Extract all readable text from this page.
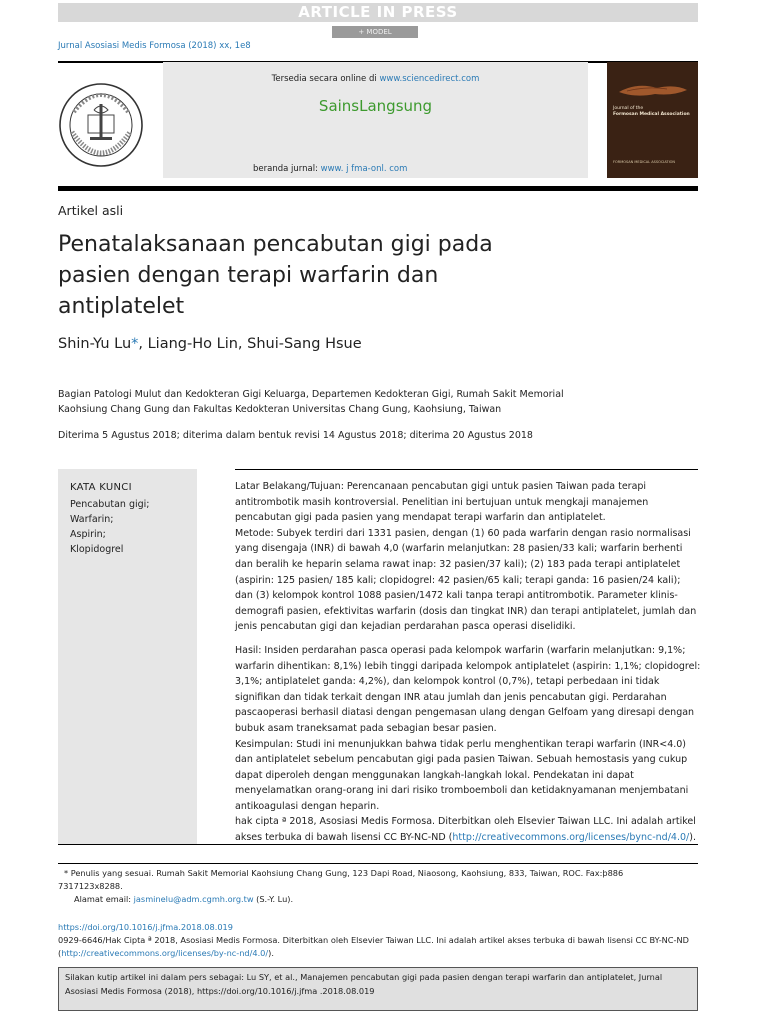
ARTICLE IN PRESS
+ MODEL
Jurnal Asosiasi Medis Formosa (2018) xx, 1e8
Tersedia secara online di www.sciencedirect.com
SainsLangsung
beranda jurnal: www. j fma-onl. com
Journal of the
Formosan Medical Association
FORMOSAN MEDICAL ASSOCIATION
Artikel asli
Penatalaksanaan pencabutan gigi pada
pasien dengan terapi warfarin dan
antiplatelet
Shin-Yu Lu*, Liang-Ho Lin, Shui-Sang Hsue
Bagian Patologi Mulut dan Kedokteran Gigi Keluarga, Departemen Kedokteran Gigi, Rumah Sakit Memorial
Kaohsiung Chang Gung dan Fakultas Kedokteran Universitas Chang Gung, Kaohsiung, Taiwan
Diterima 5 Agustus 2018; diterima dalam bentuk revisi 14 Agustus 2018; diterima 20 Agustus 2018
KATA KUNCI
Pencabutan gigi;
Warfarin;
Aspirin;
Klopidogrel

Latar Belakang/Tujuan: Perencanaan pencabutan gigi untuk pasien Taiwan pada terapi antitrombotik masih kontroversial. Penelitian ini bertujuan untuk mengkaji manajemen pencabutan gigi pada pasien yang mendapat terapi warfarin dan antiplatelet.

Metode: Subyek terdiri dari 1331 pasien, dengan (1) 60 pada warfarin dengan rasio normalisasi yang disengaja (INR) di bawah 4,0 (warfarin melanjutkan: 28 pasien/33 kali; warfarin berhenti dan beralih ke heparin selama rawat inap: 32 pasien/37 kali); (2) 183 pada terapi antiplatelet (aspirin: 125 pasien/ 185 kali; clopidogrel: 42 pasien/65 kali; terapi ganda: 16 pasien/24 kali); dan (3) kelompok kontrol 1088 pasien/1472 kali tanpa terapi antitrombotik. Parameter klinis-demografi pasien, efektivitas warfarin (dosis dan tingkat INR) dan terapi antiplatelet, jumlah dan jenis pencabutan gigi dan kejadian perdarahan pasca operasi diselidiki.

Hasil: Insiden perdarahan pasca operasi pada kelompok warfarin (warfarin melanjutkan: 9,1%; warfarin dihentikan: 8,1%) lebih tinggi daripada kelompok antiplatelet (aspirin: 1,1%; clopidogrel: 3,1%; antiplatelet ganda: 4,2%), dan kelompok kontrol (0,7%), tetapi perbedaan ini tidak signifikan dan tidak terkait dengan INR atau jumlah dan jenis pencabutan gigi. Perdarahan pascaoperasi berhasil diatasi dengan pengemasan ulang dengan Gelfoam yang diresapi dengan bubuk asam traneksamat pada sebagian besar pasien.

Kesimpulan: Studi ini menunjukkan bahwa tidak perlu menghentikan terapi warfarin (INR<4.0) dan antiplatelet sebelum pencabutan gigi pada pasien Taiwan. Sebuah hemostasis yang cukup dapat diperoleh dengan menggunakan langkah-langkah lokal. Pendekatan ini dapat menyelamatkan orang-orang ini dari risiko tromboemboli dan ketidaknyamanan menjembatani antikoagulasi dengan heparin.

hak cipta ª 2018, Asosiasi Medis Formosa. Diterbitkan oleh Elsevier Taiwan LLC. Ini adalah artikel akses terbuka di bawah lisensi CC BY-NC-ND (http://creativecommons.org/licenses/bync-nd/4.0/).

* Penulis yang sesuai. Rumah Sakit Memorial Kaohsiung Chang Gung, 123 Dapi Road, Niaosong, Kaohsiung, 833, Taiwan, ROC. Fax:þ886
7317123x8288.
Alamat email: jasminelu@adm.cgmh.org.tw (S.-Y. Lu).
https://doi.org/10.1016/j.jfma.2018.08.019
0929-6646/Hak Cipta ª 2018, Asosiasi Medis Formosa. Diterbitkan oleh Elsevier Taiwan LLC. Ini adalah artikel akses terbuka di bawah lisensi CC BY-NC-ND (http://creativecommons.org/licenses/by-nc-nd/4.0/).
Silakan kutip artikel ini dalam pers sebagai: Lu SY, et al., Manajemen pencabutan gigi pada pasien dengan terapi warfarin dan antiplatelet, Jurnal Asosiasi Medis Formosa (2018), https://doi.org/10.1016/j.jfma .2018.08.019
